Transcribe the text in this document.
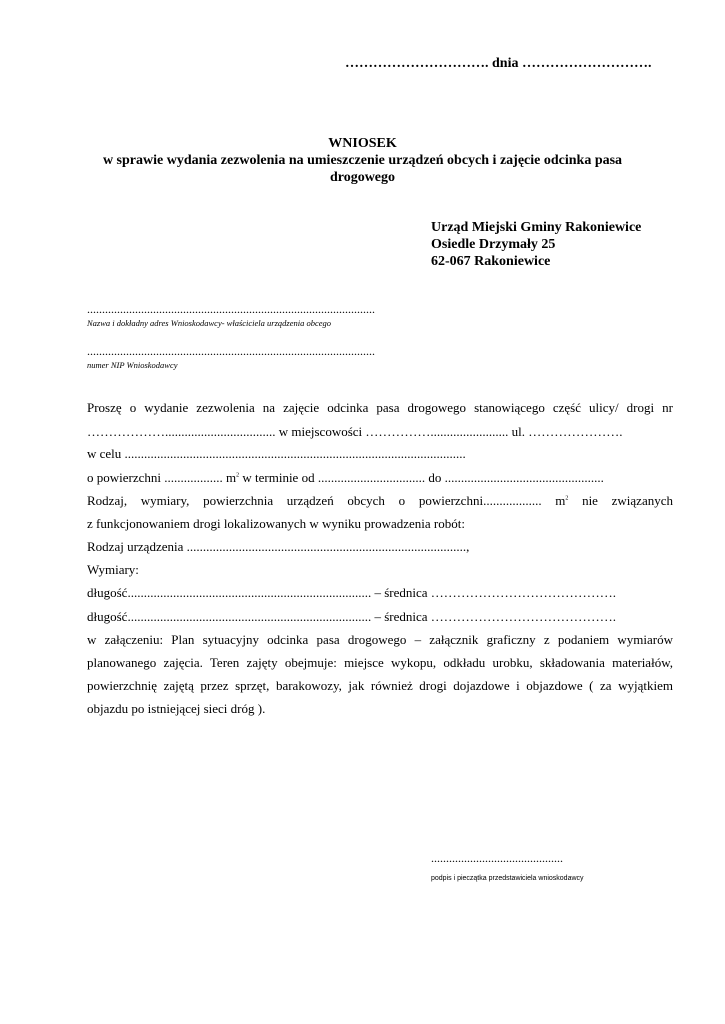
…………………………. dnia ……………………….
WNIOSEK
w sprawie wydania zezwolenia na umieszczenie urządzeń obcych i zajęcie odcinka pasa drogowego
Urząd Miejski Gminy Rakoniewice
Osiedle Drzymały 25
62-067 Rakoniewice
................................................................................................
Nazwa i dokładny adres Wnioskodawcy- właściciela urządzenia obcego
................................................................................................
numer NIP Wnioskodawcy
Proszę o wydanie zezwolenia na zajęcie odcinka pasa drogowego stanowiącego część ulicy/ drogi nr
……………….................................. w miejscowości ……………........................ ul. ………………….
w celu .........................................................................................................
o powierzchni .................. $m^2$ w terminie od ................................. do .................................................
Rodzaj, wymiary, powierzchnia urządzeń obcych o powierzchni.................. $m^2$ nie związanych
z funkcjonowaniem drogi lokalizowanych w wyniku prowadzenia robót:
Rodzaj urządzenia ......................................................................................,
Wymiary:
długość........................................................................... – średnica …………………………………….
długość........................................................................... – średnica …………………………………….
w załączeniu: Plan sytuacyjny odcinka pasa drogowego – załącznik graficzny z podaniem wymiarów
planowanego zajęcia. Teren zajęty obejmuje: miejsce wykopu, odkładu urobku, składowania materiałów,
powierzchnię zajętą przez sprzęt, barakowozy, jak również drogi dojazdowe i objazdowe ( za wyjątkiem
objazdu po istniejącej sieci dróg ).
............................................
podpis i pieczątka przedstawiciela wnioskodawcy
